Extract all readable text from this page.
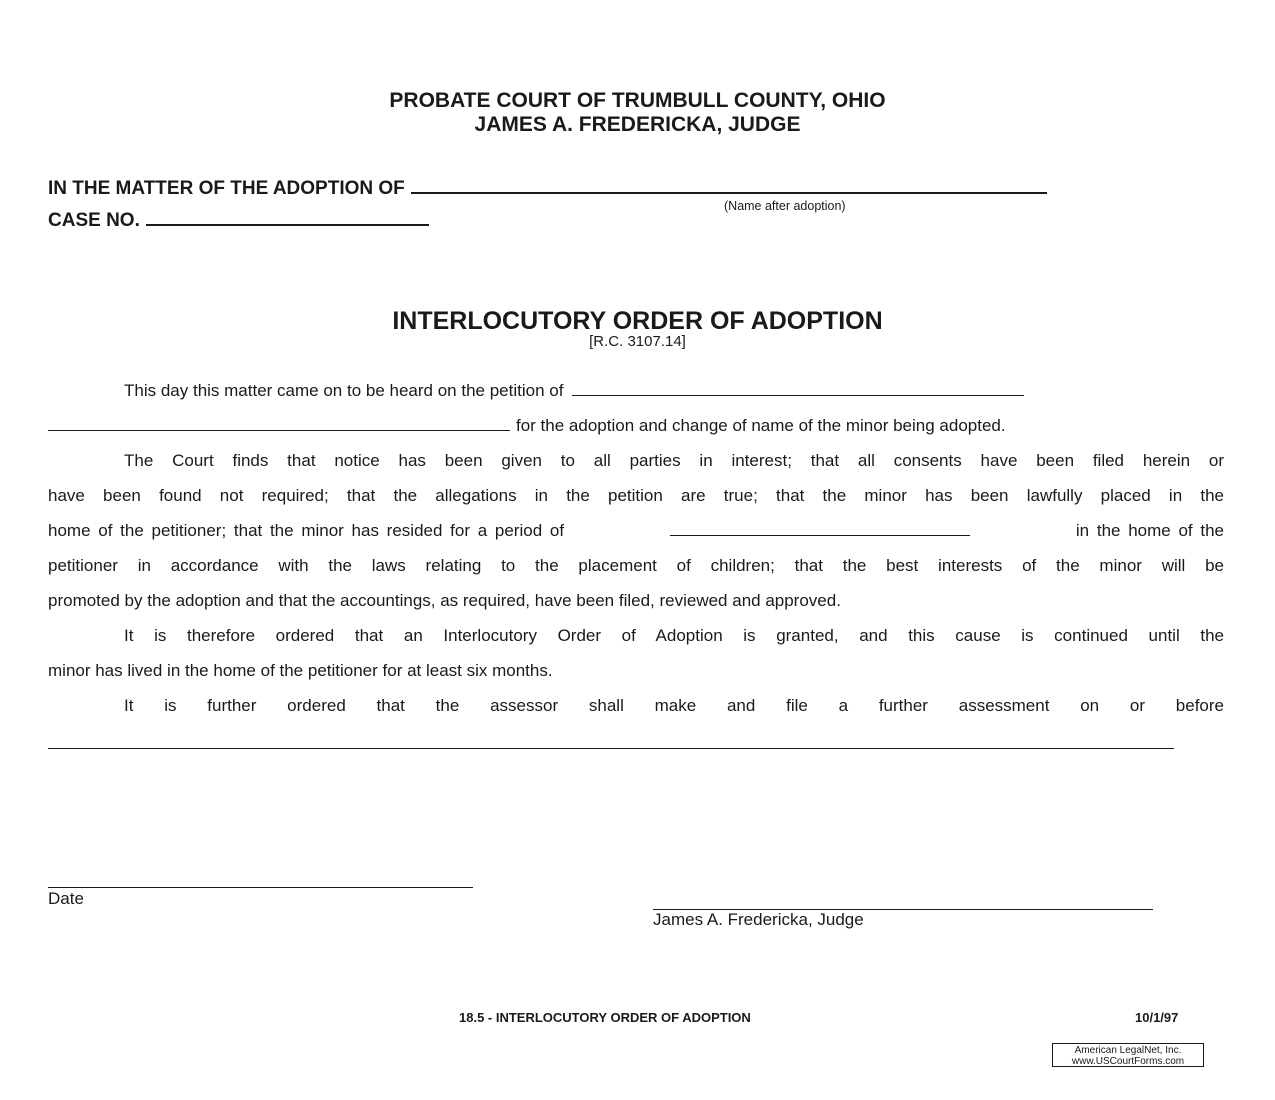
PROBATE COURT OF TRUMBULL COUNTY, OHIO
JAMES A. FREDERICKA, JUDGE
IN THE MATTER OF THE ADOPTION OF
(Name after adoption)
CASE NO.
INTERLOCUTORY ORDER OF ADOPTION
[R.C. 3107.14]
This day this matter came on to be heard on the petition of
for the adoption and change of name of the minor being adopted.
The Court finds that notice has been given to all parties in interest; that all consents have been filed herein or
have been found not required; that the allegations in the petition are true; that the minor has been lawfully placed in the
home of the petitioner; that the minor has resided for a period of	in the home of the
petitioner in accordance with the laws relating to the placement of children; that the best interests of the minor will be
promoted by the adoption and that the accountings, as required, have been filed, reviewed and approved.
It is therefore ordered that an Interlocutory Order of Adoption is granted, and this cause is continued until the
minor has lived in the home of the petitioner for at least six months.
It is further ordered that the assessor shall make and file a further assessment on or before
Date
James A. Fredericka, Judge
18.5 - INTERLOCUTORY ORDER OF ADOPTION	10/1/97
American LegalNet, Inc.
www.USCourtForms.com
